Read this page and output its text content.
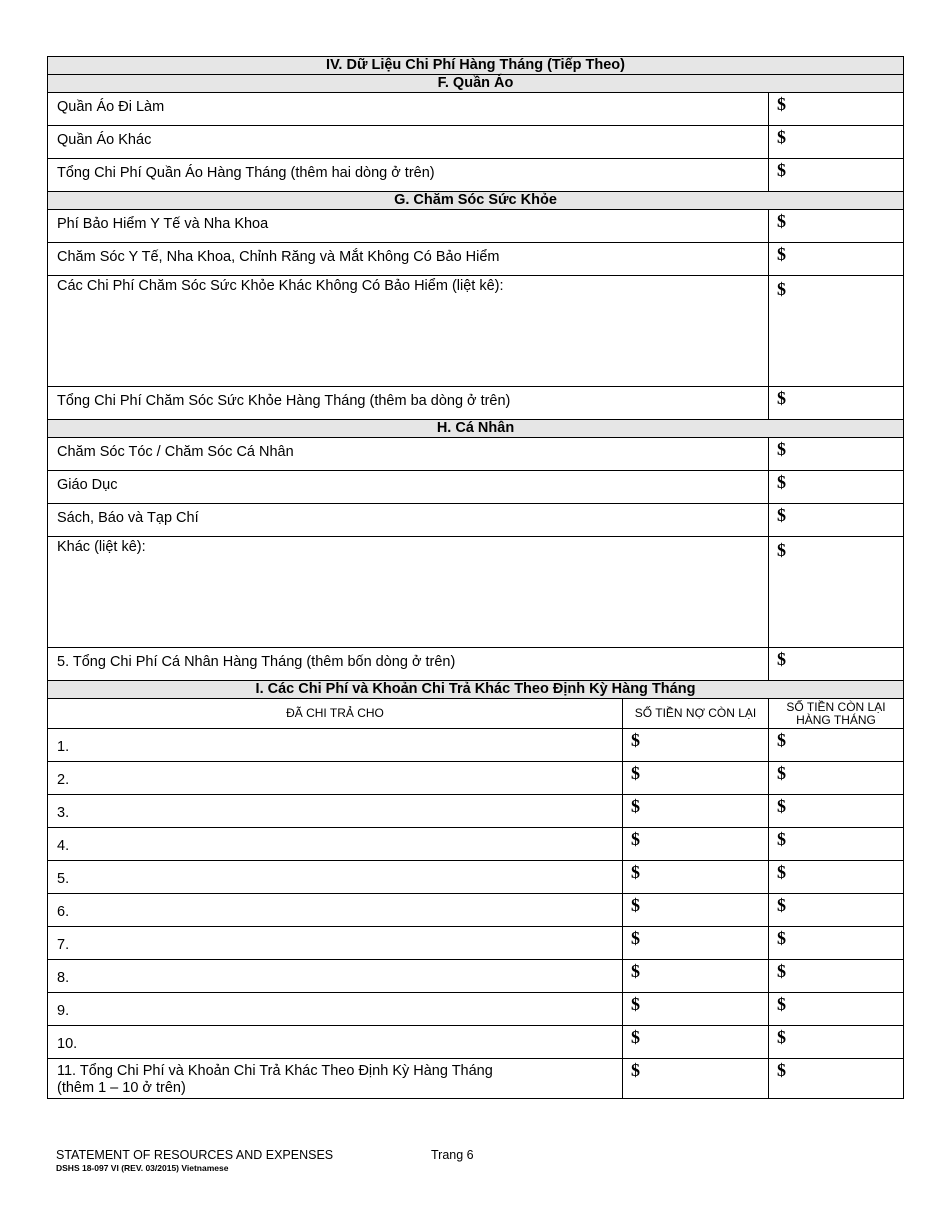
IV. Dữ Liệu Chi Phí Hàng Tháng (Tiếp Theo)		
F. Quần Áo		
Quần Áo Đi Làm		$
Quần Áo Khác		$
Tổng Chi Phí Quần Áo Hàng Tháng (thêm hai dòng ở trên)		$
G. Chăm Sóc Sức Khỏe		
Phí Bảo Hiểm Y Tế và Nha Khoa		$
Chăm Sóc Y Tế, Nha Khoa, Chỉnh Răng và Mắt Không Có Bảo Hiểm		$
Các Chi Phí Chăm Sóc Sức Khỏe Khác Không Có Bảo Hiểm (liệt kê):		$
Tổng Chi Phí Chăm Sóc Sức Khỏe Hàng Tháng (thêm ba dòng ở trên)		$
H. Cá Nhân		
Chăm Sóc Tóc / Chăm Sóc Cá Nhân		$
Giáo Dục		$
Sách, Báo và Tạp Chí		$
Khác (liệt kê):		$
5. Tổng Chi Phí Cá Nhân Hàng Tháng (thêm bốn dòng ở trên)		$
I. Các Chi Phí và Khoản Chi Trả Khác Theo Định Kỳ Hàng Tháng		
ĐÃ CHI TRẢ CHO	SỐ TIỀN NỢ CÒN LẠI	SỐ TIỀN CÒN LẠI HÀNG THÁNG
1.	$	$
2.	$	$
3.	$	$
4.	$	$
5.	$	$
6.	$	$
7.	$	$
8.	$	$
9.	$	$
10.	$	$

11. Tổng Chi Phí và Khoản Chi Trả Khác Theo Định Kỳ Hàng Tháng
(thêm 1 – 10 ở trên)	$	$
STATEMENT OF RESOURCES AND EXPENSES
DSHS 18-097 VI (REV. 03/2015) Vietnamese
Trang 6
